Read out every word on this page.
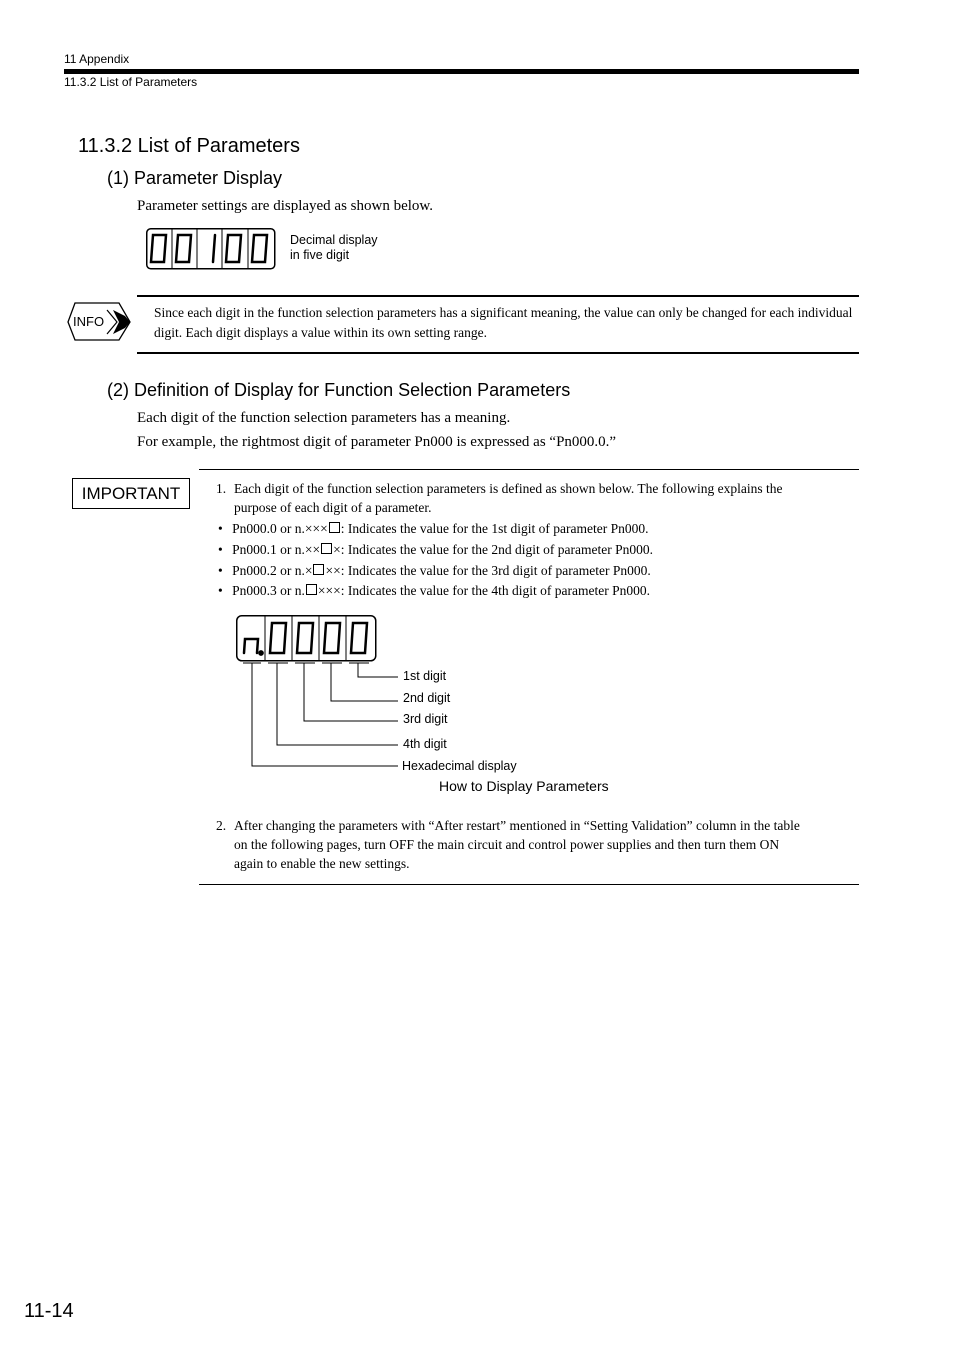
11 Appendix
11.3.2 List of Parameters
11.3.2 List of Parameters
(1) Parameter Display
Parameter settings are displayed as shown below.
Decimal display
in five digit
INFO
Since each digit in the function selection parameters has a significant meaning, the value can only be changed for each individual digit. Each digit displays a value within its own setting range.
(2) Definition of Display for Function Selection Parameters
Each digit of the function selection parameters has a meaning.
For example, the rightmost digit of parameter Pn000 is expressed as “Pn000.0.”
IMPORTANT	1. Each digit of the function selection parameters is defined as shown below. The following explains the
purpose of each digit of a parameter.
• Pn000.0 or n.××× : Indicates the value for the 1st digit of parameter Pn000.
• Pn000.1 or n.×× ×: Indicates the value for the 2nd digit of parameter Pn000.
• Pn000.2 or n.× ××: Indicates the value for the 3rd digit of parameter Pn000.
• Pn000.3 or n. ×××: Indicates the value for the 4th digit of parameter Pn000.
1st digit
2nd digit
3rd digit
4th digit
Hexadecimal display
How to Display Parameters
2. After changing the parameters with “After restart” mentioned in “Setting Validation” column in the table
on the following pages, turn OFF the main circuit and control power supplies and then turn them ON
again to enable the new settings.
11-14
